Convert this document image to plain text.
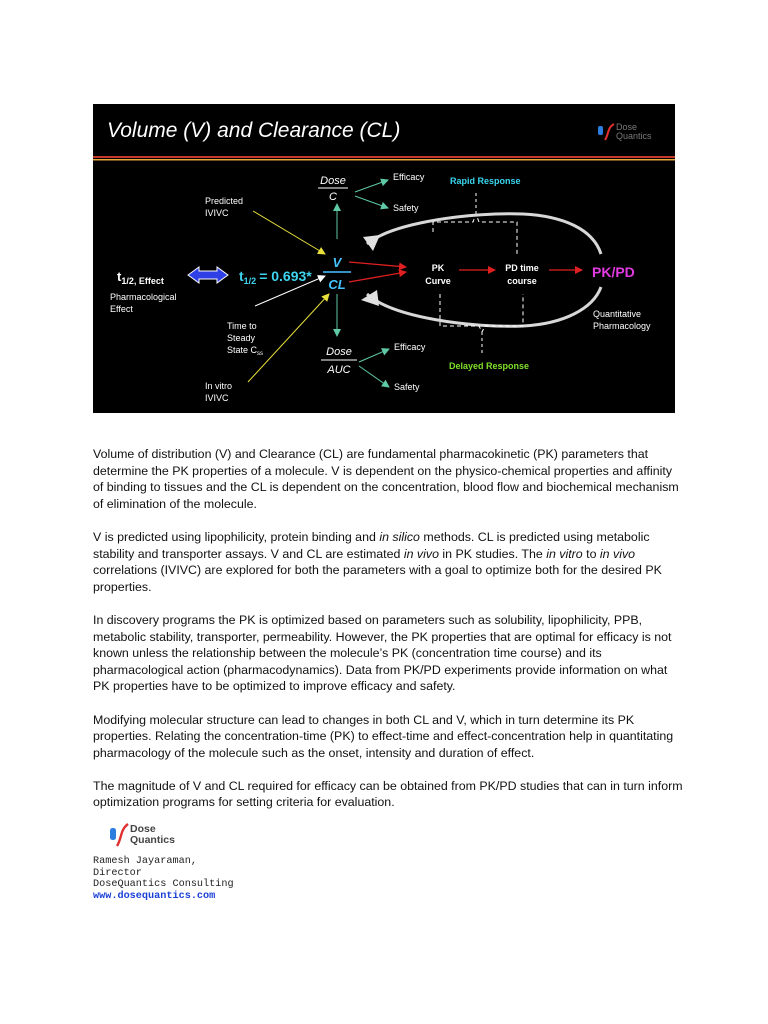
Volume (V) and Clearance (CL)	Dose
Quantics
Dose
C
Efficacy
Safety
Rapid Response
Predicted
IVIVC
$t_{1/2, Effect}$
Pharmacological
Effect
$t_{1/2} = 0.693*$
V
CL
Time to
Steady
State $C_{ss}$
In vitro
IVIVC
Dose
AUC
Efficacy
Safety
PK
Curve
PD time
course
PK/PD
Delayed Response
Quantitative
Pharmacology

Volume of distribution (V) and Clearance (CL) are fundamental pharmacokinetic (PK) parameters that determine the PK properties of a molecule. V is dependent on the physico-chemical properties and affinity of binding to tissues and the CL is dependent on the concentration, blood flow and biochemical mechanism of elimination of the molecule.

V is predicted using lipophilicity, protein binding and in silico methods. CL is predicted using metabolic stability and transporter assays. V and CL are estimated in vivo in PK studies. The in vitro to in vivo correlations (IVIVC) are explored for both the parameters with a goal to optimize both for the desired PK properties.

In discovery programs the PK is optimized based on parameters such as solubility, lipophilicity, PPB, metabolic stability, transporter, permeability. However, the PK properties that are optimal for efficacy is not known unless the relationship between the molecule’s PK (concentration time course) and its pharmacological action (pharmacodynamics). Data from PK/PD experiments provide information on what PK properties have to be optimized to improve efficacy and safety.

Modifying molecular structure can lead to changes in both CL and V, which in turn determine its PK properties. Relating the concentration-time (PK) to effect-time and effect-concentration help in quantitating pharmacology of the molecule such as the onset, intensity and duration of effect.

The magnitude of V and CL required for efficacy can be obtained from PK/PD studies that can in turn inform optimization programs for setting criteria for evaluation.

Dose
Quantics
Ramesh Jayaraman,
Director
DoseQuantics Consulting
www.dosequantics.com
